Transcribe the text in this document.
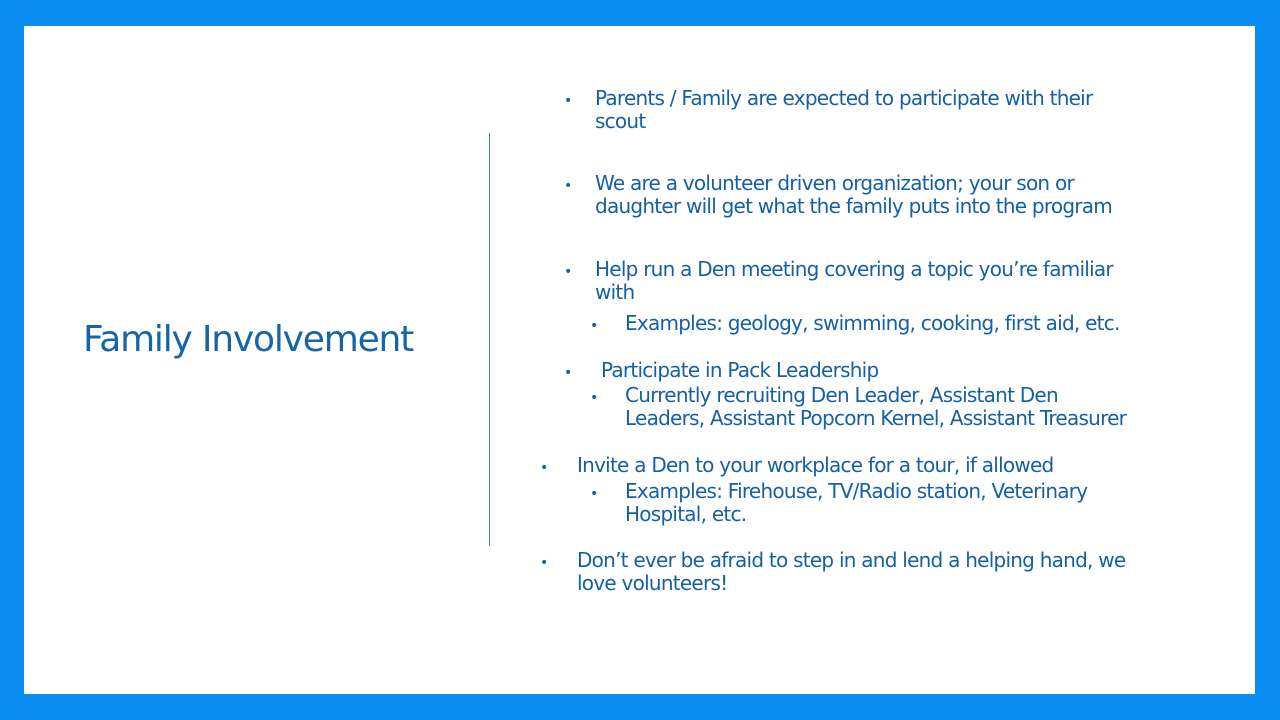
Family Involvement
• Parents / Family are expected to participate with their
scout
• We are a volunteer driven organization; your son or
daughter will get what the family puts into the program
• Help run a Den meeting covering a topic you’re familiar
with
• Examples: geology, swimming, cooking, first aid, etc.
• Participate in Pack Leadership
• Currently recruiting Den Leader, Assistant Den
Leaders, Assistant Popcorn Kernel, Assistant Treasurer
• Invite a Den to your workplace for a tour, if allowed
• Examples: Firehouse, TV/Radio station, Veterinary
Hospital, etc.
• Don’t ever be afraid to step in and lend a helping hand, we
love volunteers!
